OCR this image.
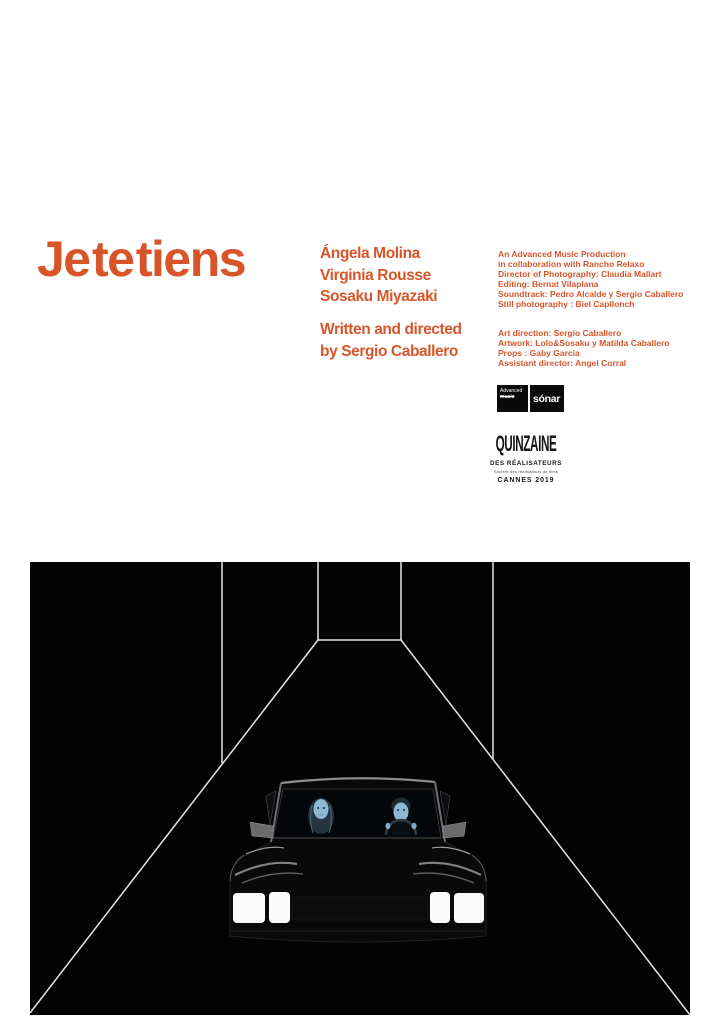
Je te tiens	Ángela Molina
Virginia Rousse
Sosaku Miyazaki
Written and directed
by Sergio Caballero
An Advanced Music Production
in collaboration with Rancho Relaxo
Director of Photography: Claudia Mallart
Editing: Bernat Vilaplana
Soundtrack: Pedro Alcalde y Sergio Caballero
Still photography : Biel Capllonch
Art direction: Sergio Caballero
Artwork: Lolo&Sosaku y Matilda Caballero
Props : Gaby García
Assistant director: Angel Corral
Advanced
music	sónar
QUINZAINE
DES RÉALISATEURS
Société des réalisateurs de films
CANNES 2019
